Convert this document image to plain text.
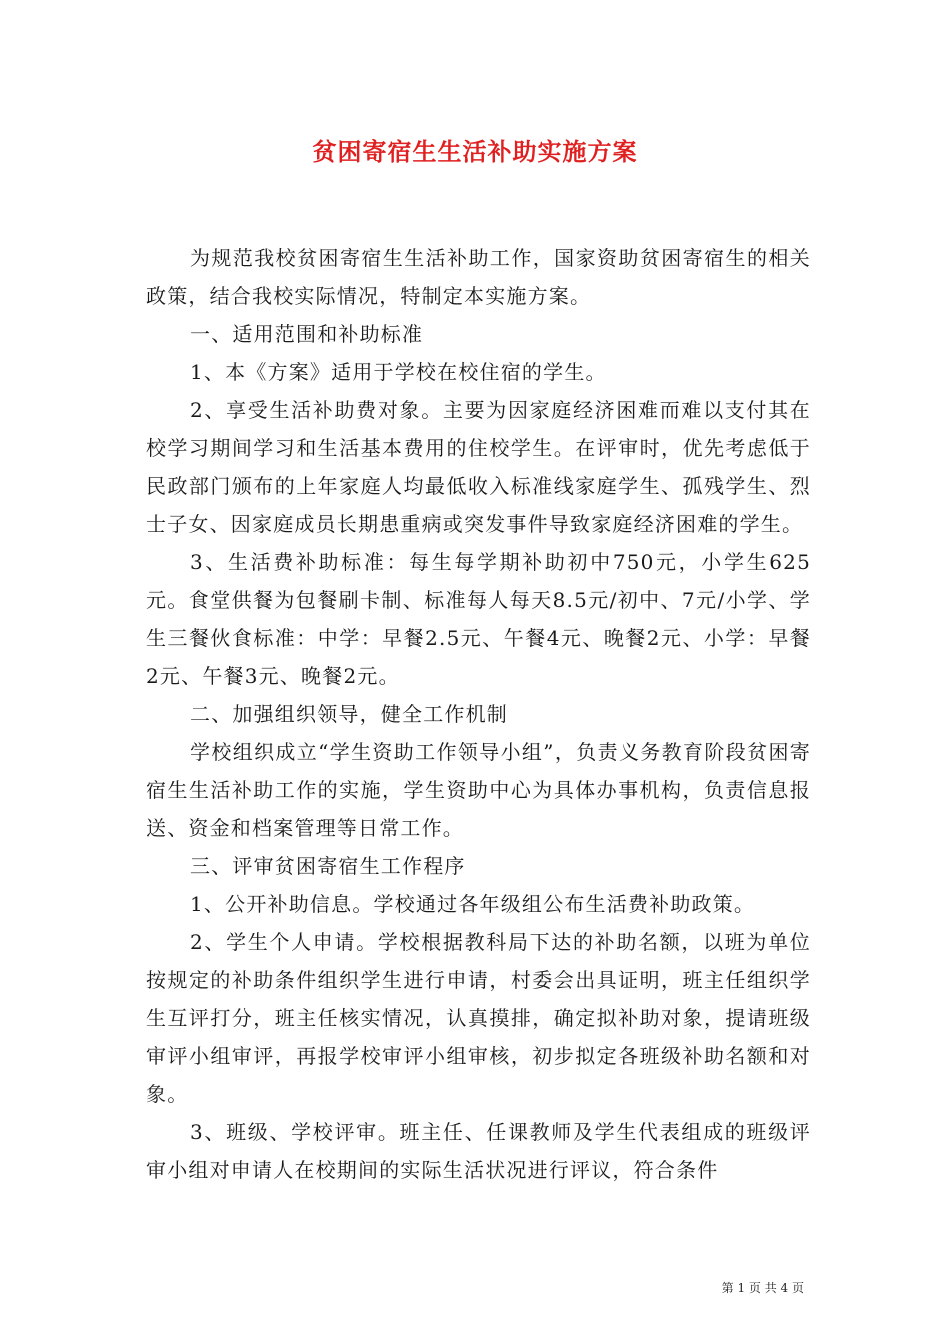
贫困寄宿生生活补助实施方案

为规范我校贫困寄宿生生活补助工作，国家资助贫困寄宿生的相关政策，结合我校实际情况，特制定本实施方案。

一、适用范围和补助标准

1、本《方案》适用于学校在校住宿的学生。

2、享受生活补助费对象。主要为因家庭经济困难而难以支付其在校学习期间学习和生活基本费用的住校学生。在评审时，优先考虑低于民政部门颁布的上年家庭人均最低收入标准线家庭学生、孤残学生、烈士子女、因家庭成员长期患重病或突发事件导致家庭经济困难的学生。

3、生活费补助标准：每生每学期补助初中750元，小学生625元。食堂供餐为包餐刷卡制、标准每人每天8.5元/初中、7元/小学、学生三餐伙食标准：中学：早餐2.5元、午餐4元、晚餐2元、小学：早餐2元、午餐3元、晚餐2元。

二、加强组织领导，健全工作机制

学校组织成立“学生资助工作领导小组”，负责义务教育阶段贫困寄宿生生活补助工作的实施，学生资助中心为具体办事机构，负责信息报送、资金和档案管理等日常工作。

三、评审贫困寄宿生工作程序

1、公开补助信息。学校通过各年级组公布生活费补助政策。

2、学生个人申请。学校根据教科局下达的补助名额，以班为单位按规定的补助条件组织学生进行申请，村委会出具证明，班主任组织学生互评打分，班主任核实情况，认真摸排，确定拟补助对象，提请班级审评小组审评，再报学校审评小组审核，初步拟定各班级补助名额和对象。

3、班级、学校评审。班主任、任课教师及学生代表组成的班级评审小组对申请人在校期间的实际生活状况进行评议，符合条件

第 1 页 共 4 页
